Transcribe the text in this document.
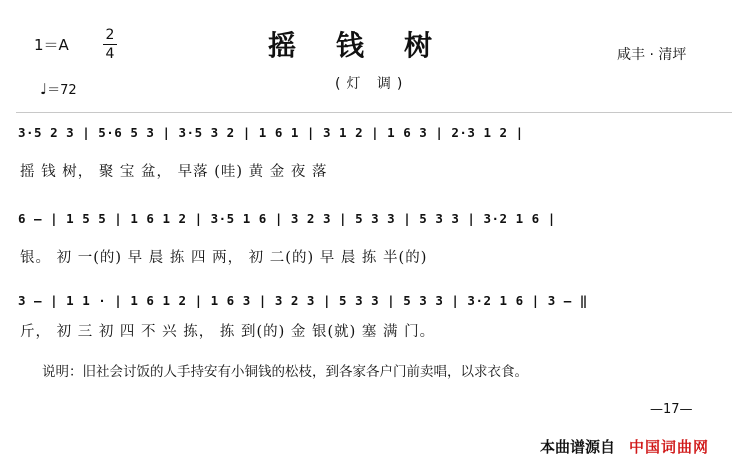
1＝A
2
4
♩＝72
摇钱树	咸丰 · 清坪
(灯 调)
3·5 2 3 | 5·6 5 3 | 3·5 3 2 | 1 6 1 | 3 1 2 | 1 6 3 | 2·3 1 2 |
摇 钱 树， 聚 宝 盆， 早落 (哇) 黄 金 夜 落
6 — | 1 5 5 | 1 6 1 2 | 3·5 1 6 | 3 2 3 | 5 3 3 | 5 3 3 | 3·2 1 6 |
银。 初 一(的) 早 晨 拣 四 两， 初 二(的) 早 晨 拣 半(的)
3 — | 1 1 · | 1 6 1 2 | 1 6 3 | 3 2 3 | 5 3 3 | 5 3 3 | 3·2 1 6 | 3 — ‖
斤， 初 三 初 四 不 兴 拣， 拣 到(的) 金 银(就) 塞 满 门。
说明：旧社会讨饭的人手持安有小铜钱的松枝，到各家各户门前卖唱，以求衣食。
—17—
本曲谱源自 中国词曲网
